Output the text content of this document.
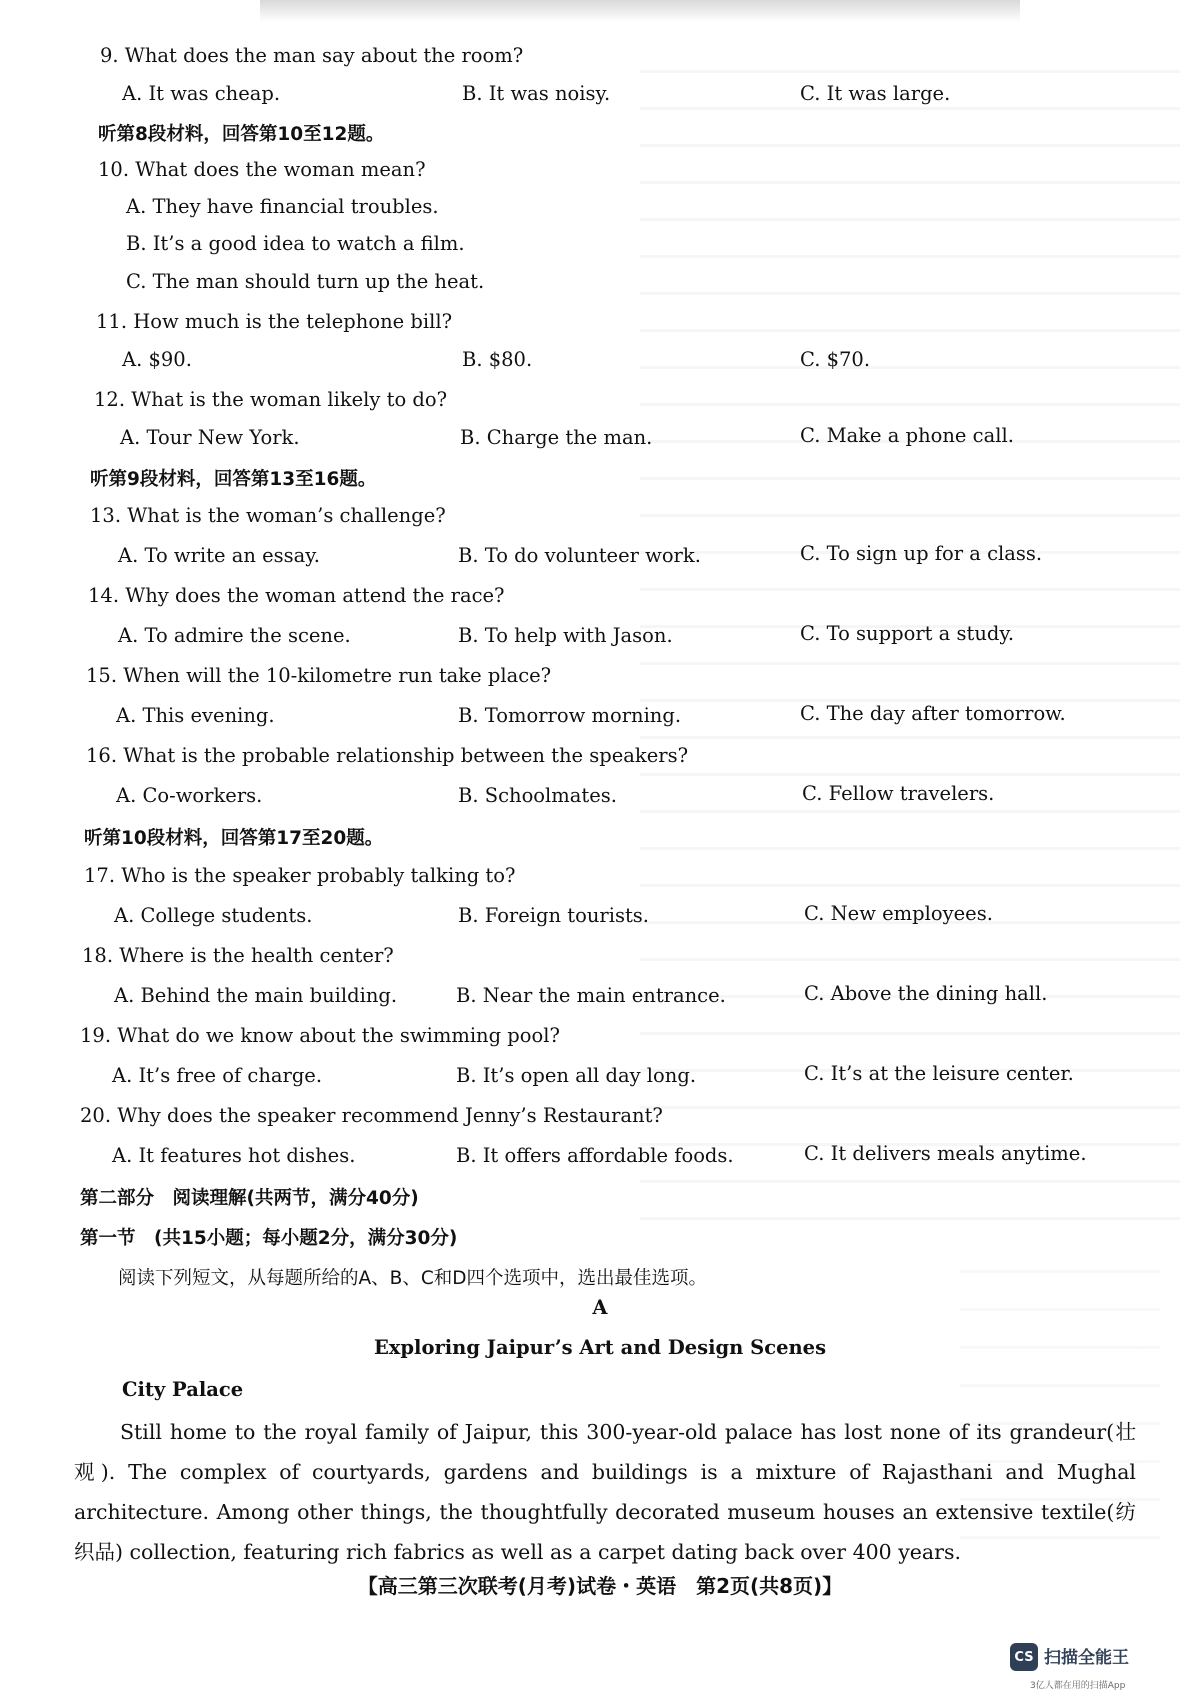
9. What does the man say about the room?
A. It was cheap.	B. It was noisy.	C. It was large.
听第8段材料，回答第10至12题。
10. What does the woman mean?
A. They have financial troubles.
B. It’s a good idea to watch a film.
C. The man should turn up the heat.
11. How much is the telephone bill?
A. $90.	B. $80.	C. $70.
12. What is the woman likely to do?
A. Tour New York.	B. Charge the man.	C. Make a phone call.
听第9段材料，回答第13至16题。
13. What is the woman’s challenge?
A. To write an essay.	B. To do volunteer work.	C. To sign up for a class.
14. Why does the woman attend the race?
A. To admire the scene.	B. To help with Jason.	C. To support a study.
15. When will the 10-kilometre run take place?
A. This evening.	B. Tomorrow morning.	C. The day after tomorrow.
16. What is the probable relationship between the speakers?
A. Co-workers.	B. Schoolmates.	C. Fellow travelers.
听第10段材料，回答第17至20题。
17. Who is the speaker probably talking to?
A. College students.	B. Foreign tourists.	C. New employees.
18. Where is the health center?
A. Behind the main building.	B. Near the main entrance.	C. Above the dining hall.
19. What do we know about the swimming pool?
A. It’s free of charge.	B. It’s open all day long.	C. It’s at the leisure center.
20. Why does the speaker recommend Jenny’s Restaurant?
A. It features hot dishes.	B. It offers affordable foods.	C. It delivers meals anytime.
第二部分　阅读理解(共两节，满分40分)
第一节　(共15小题；每小题2分，满分30分)
阅读下列短文，从每题所给的A、B、C和D四个选项中，选出最佳选项。
A
Exploring Jaipur’s Art and Design Scenes
City Palace
Still home to the royal family of Jaipur, this 300-year-old palace has lost none of its grandeur(壮观). The complex of courtyards, gardens and buildings is a mixture of Rajasthani and Mughal architecture. Among other things, the thoughtfully decorated museum houses an extensive textile(纺织品) collection, featuring rich fabrics as well as a carpet dating back over 400 years.
【高三第三次联考(月考)试卷・英语　第2页(共8页)】
CS 扫描全能王
3亿人都在用的扫描App
